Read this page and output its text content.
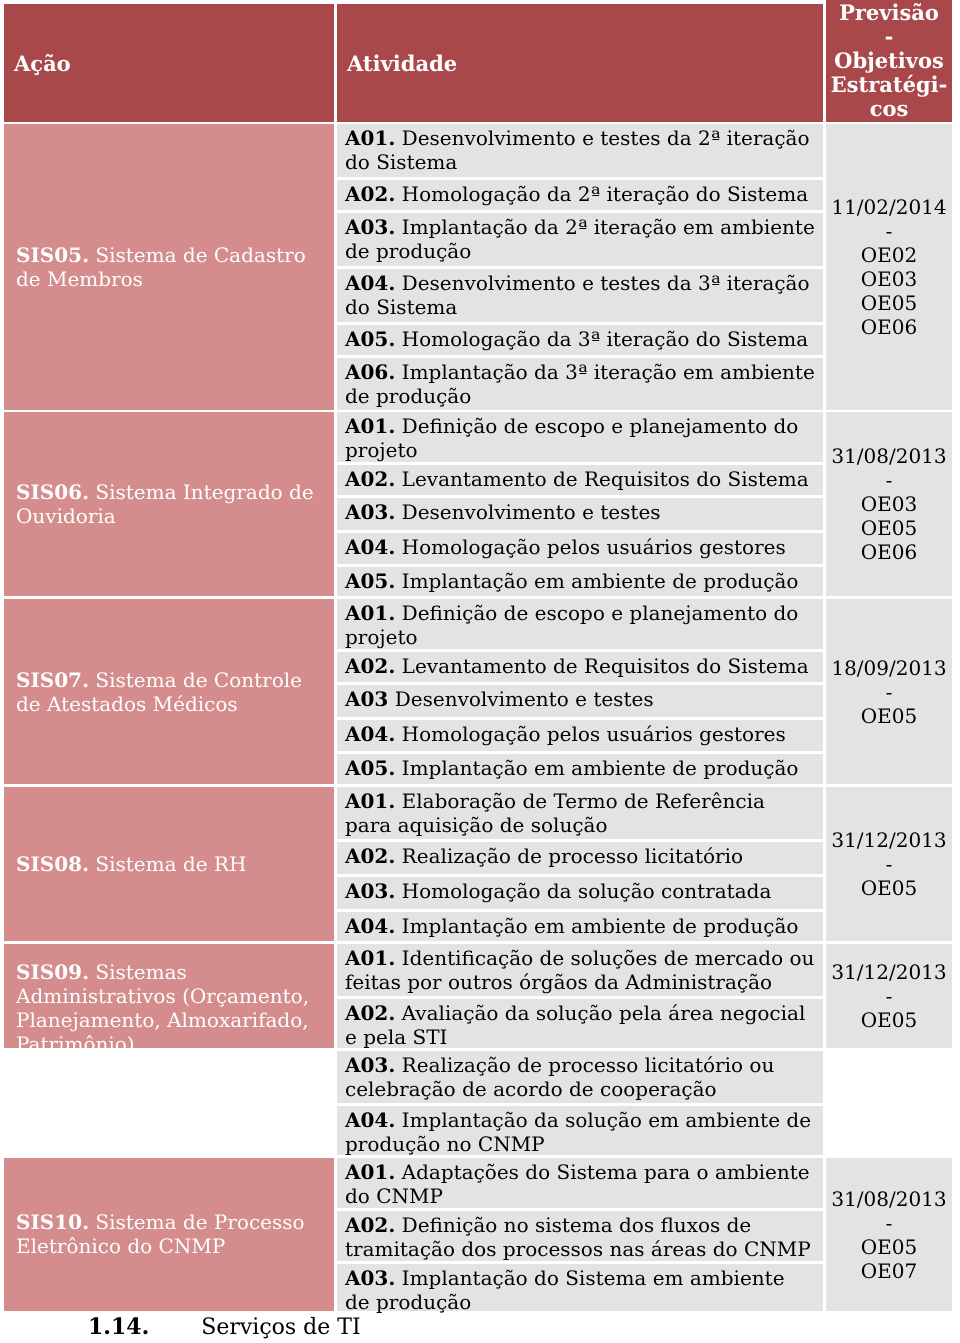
Ação	Atividade
Previsão
-
Objetivos
Estratégi-
cos
SIS05. Sistema de Cadastro de Membros
A01. Desenvolvimento e testes da 2ª iteração do Sistema
A02. Homologação da 2ª iteração do Sistema
A03. Implantação da 2ª iteração em ambiente de produção
A04. Desenvolvimento e testes da 3ª iteração do Sistema
A05. Homologação da 3ª iteração do Sistema
A06. Implantação da 3ª iteração em ambiente de produção
11/02/2014
-
OE02
OE03
OE05
OE06
SIS06. Sistema Integrado de Ouvidoria
A01. Definição de escopo e planejamento do projeto
A02. Levantamento de Requisitos do Sistema
A03. Desenvolvimento e testes
A04. Homologação pelos usuários gestores
A05. Implantação em ambiente de produção
31/08/2013
-
OE03
OE05
OE06
SIS07. Sistema de Controle de Atestados Médicos
A01. Definição de escopo e planejamento do projeto
A02. Levantamento de Requisitos do Sistema
A03 Desenvolvimento e testes
A04. Homologação pelos usuários gestores
A05. Implantação em ambiente de produção
18/09/2013
-
OE05
SIS08. Sistema de RH
A01. Elaboração de Termo de Referência para aquisição de solução
A02. Realização de processo licitatório
A03. Homologação da solução contratada
A04. Implantação em ambiente de produção
31/12/2013
-
OE05
SIS09. Sistemas Administrativos (Orçamento, Planejamento, Almoxarifado, Patrimônio)
A01. Identificação de soluções de mercado ou feitas por outros órgãos da Administração
A02. Avaliação da solução pela área negocial e pela STI
A03. Realização de processo licitatório ou celebração de acordo de cooperação
A04. Implantação da solução em ambiente de produção no CNMP
31/12/2013
-
OE05
SIS10. Sistema de Processo Eletrônico do CNMP
A01. Adaptações do Sistema para o ambiente do CNMP
A02. Definição no sistema dos fluxos de tramitação dos processos nas áreas do CNMP
A03. Implantação do Sistema em ambiente de produção
31/08/2013
-
OE05
OE07
1.14. Serviços de TI
